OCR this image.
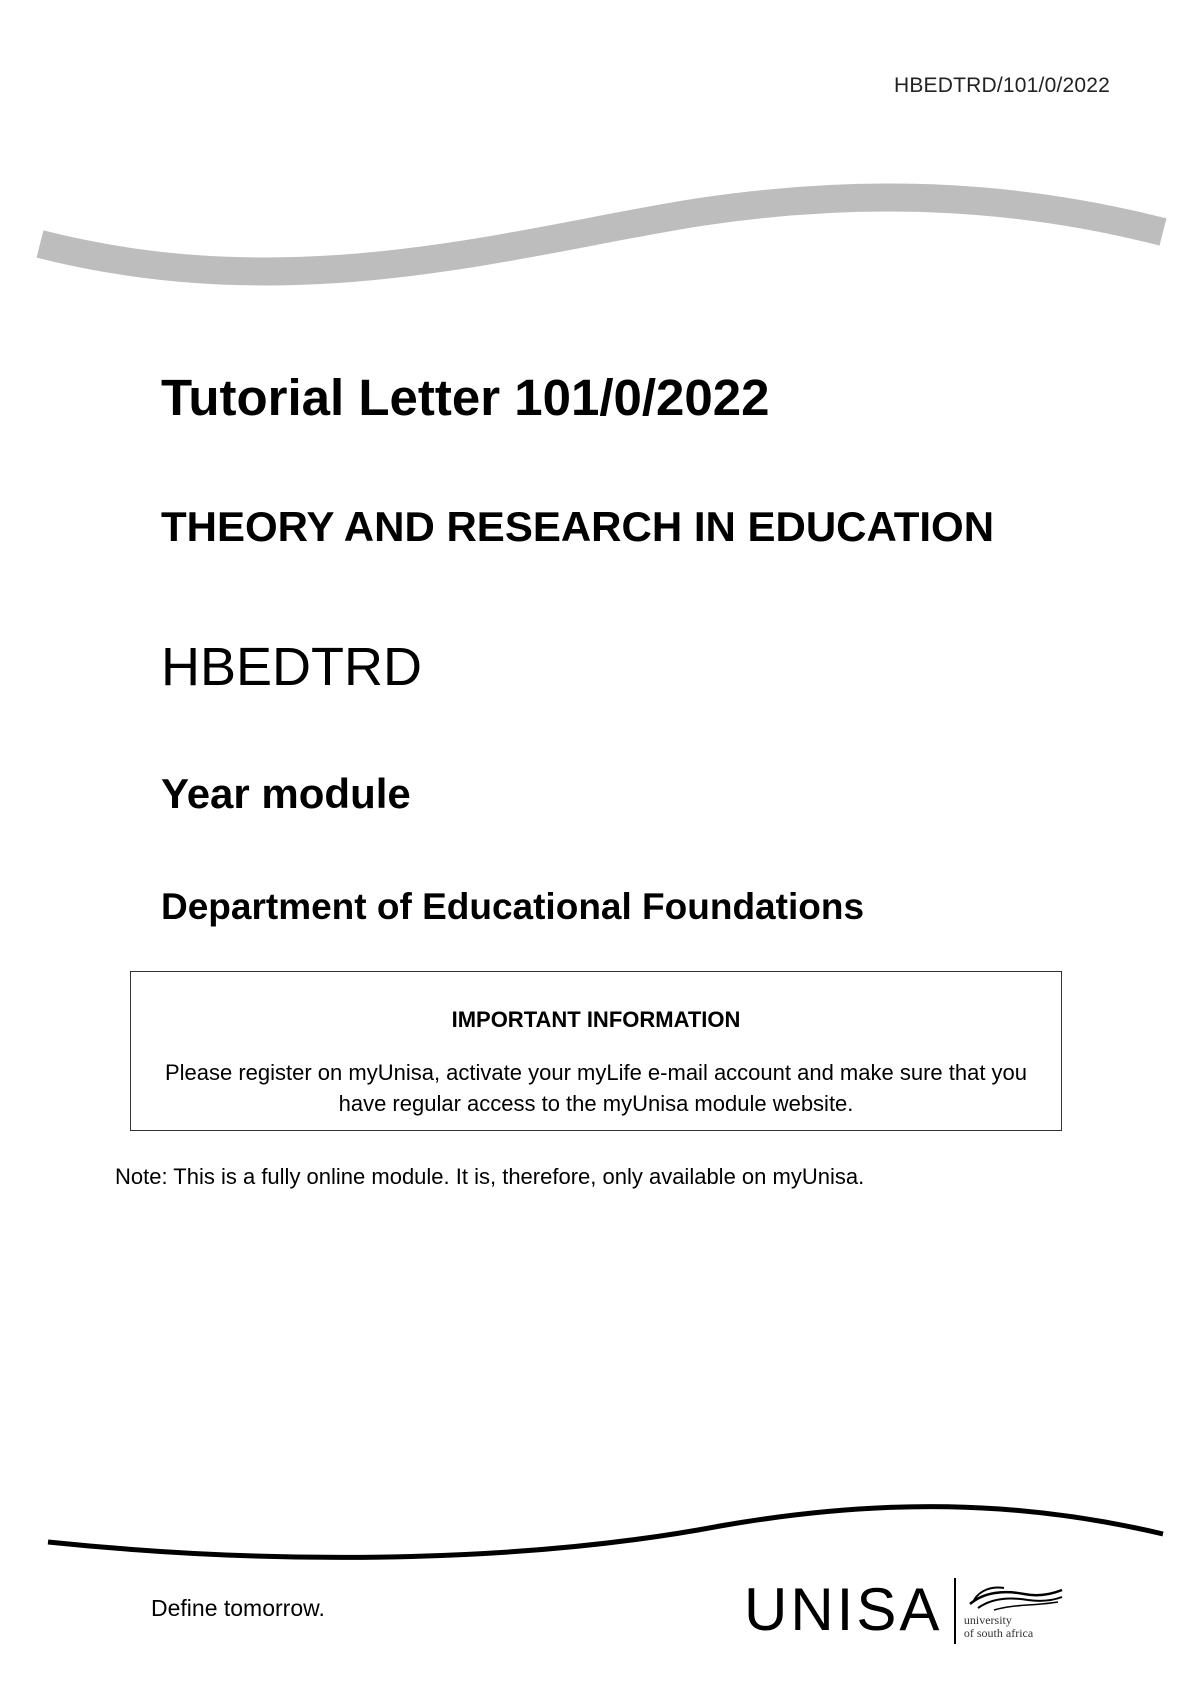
HBEDTRD/101/0/2022
Tutorial Letter 101/0/2022
THEORY AND RESEARCH IN EDUCATION
HBEDTRD
Year module
Department of Educational Foundations
IMPORTANT INFORMATION
Please register on myUnisa, activate your myLife e-mail account and make sure that you have regular access to the myUnisa module website.
Note: This is a fully online module. It is, therefore, only available on myUnisa.
Define tomorrow.	UNISA university
of south africa
